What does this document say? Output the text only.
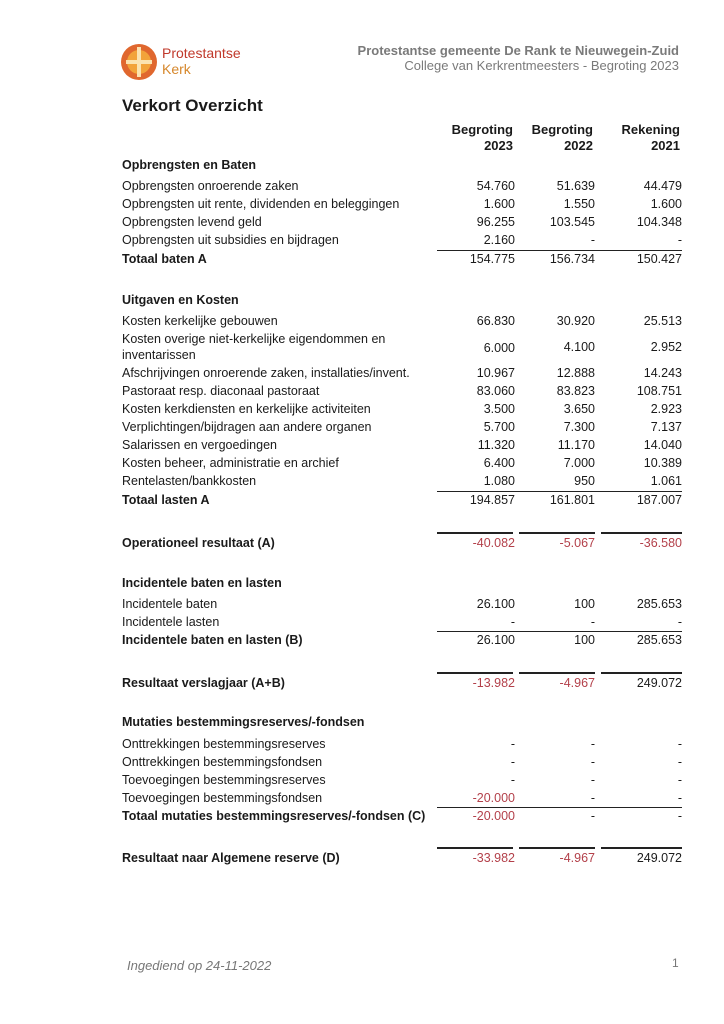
Protestantse
Kerk
Protestantse gemeente De Rank te Nieuwegein-Zuid
College van Kerkrentmeesters - Begroting 2023
Verkort Overzicht
Begroting
2023
Begroting
2022
Rekening
2021
Opbrengsten en Baten
Opbrengsten onroerende zaken	54.760	51.639	44.479
Opbrengsten uit rente, dividenden en beleggingen	1.600	1.550	1.600
Opbrengsten levend geld	96.255	103.545	104.348
Opbrengsten uit subsidies en bijdragen	2.160	-	-
Totaal baten A	154.775	156.734	150.427
Uitgaven en Kosten
Kosten kerkelijke gebouwen	66.830	30.920	25.513
Kosten overige niet-kerkelijke eigendommen en
inventarissen	6.000	4.100	2.952
Afschrijvingen onroerende zaken, installaties/invent.	10.967	12.888	14.243
Pastoraat resp. diaconaal pastoraat	83.060	83.823	108.751
Kosten kerkdiensten en kerkelijke activiteiten	3.500	3.650	2.923
Verplichtingen/bijdragen aan andere organen	5.700	7.300	7.137
Salarissen en vergoedingen	11.320	11.170	14.040
Kosten beheer, administratie en archief	6.400	7.000	10.389
Rentelasten/bankkosten	1.080	950	1.061
Totaal lasten A	194.857	161.801	187.007
Operationeel resultaat (A)	-40.082	-5.067	-36.580
Incidentele baten en lasten
Incidentele baten	26.100	100	285.653
Incidentele lasten	-	-	-
Incidentele baten en lasten (B)	26.100	100	285.653
Resultaat verslagjaar (A+B)	-13.982	-4.967	249.072
Mutaties bestemmingsreserves/-fondsen
Onttrekkingen bestemmingsreserves	-	-	-
Onttrekkingen bestemmingsfondsen	-	-	-
Toevoegingen bestemmingsreserves	-	-	-
Toevoegingen bestemmingsfondsen	-20.000	-	-
Totaal mutaties bestemmingsreserves/-fondsen (C)	-20.000	-	-
Resultaat naar Algemene reserve (D)	-33.982	-4.967	249.072
Ingediend op 24-11-2022	1
